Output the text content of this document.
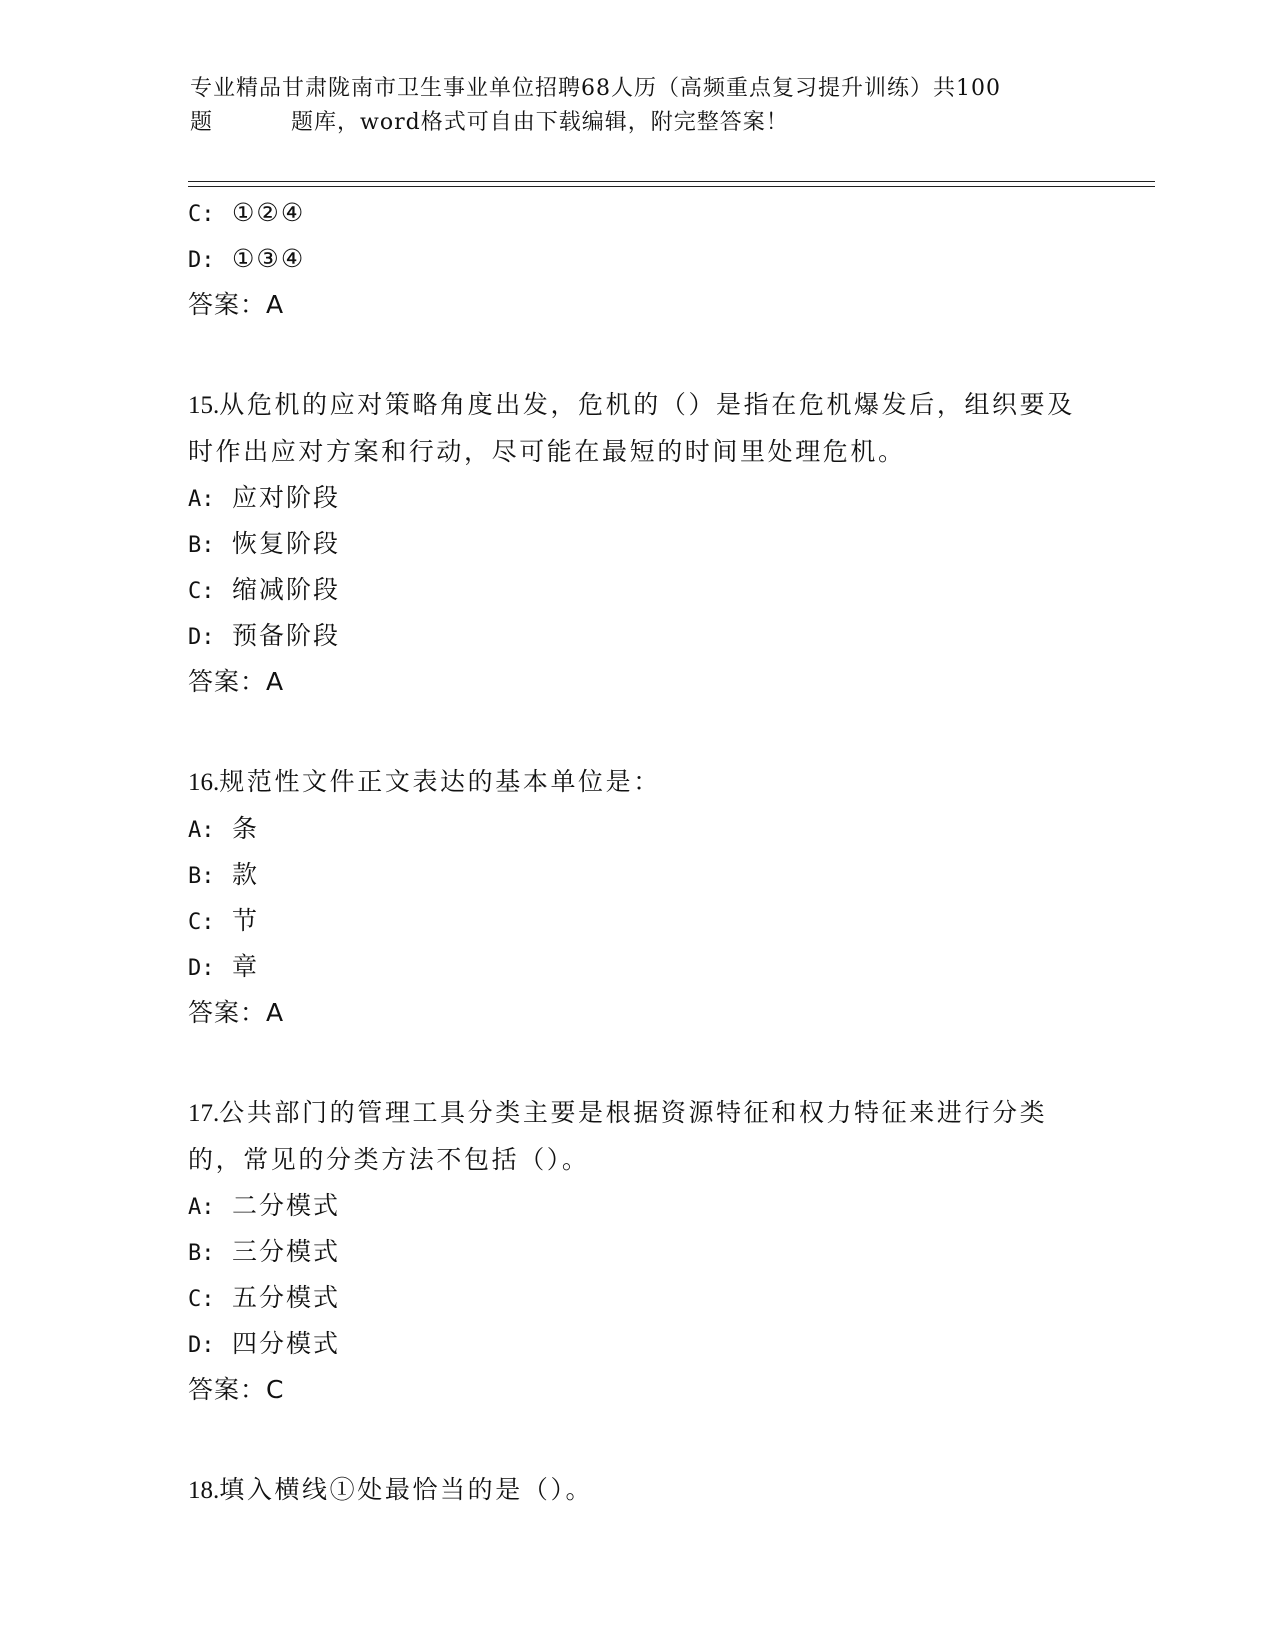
专业精品甘肃陇南市卫生事业单位招聘68人历（高频重点复习提升训练）共100
题	题库，word格式可自由下载编辑，附完整答案！
C: ①②④
D: ①③④
答案：A
15.从危机的应对策略角度出发，危机的（）是指在危机爆发后，组织要及时作出应对方案和行动，尽可能在最短的时间里处理危机。
A: 应对阶段
B: 恢复阶段
C: 缩减阶段
D: 预备阶段
答案：A
16.规范性文件正文表达的基本单位是：
A: 条
B: 款
C: 节
D: 章
答案：A
17.公共部门的管理工具分类主要是根据资源特征和权力特征来进行分类的，常见的分类方法不包括（）。
A: 二分模式
B: 三分模式
C: 五分模式
D: 四分模式
答案：C
18.填入横线①处最恰当的是（）。
